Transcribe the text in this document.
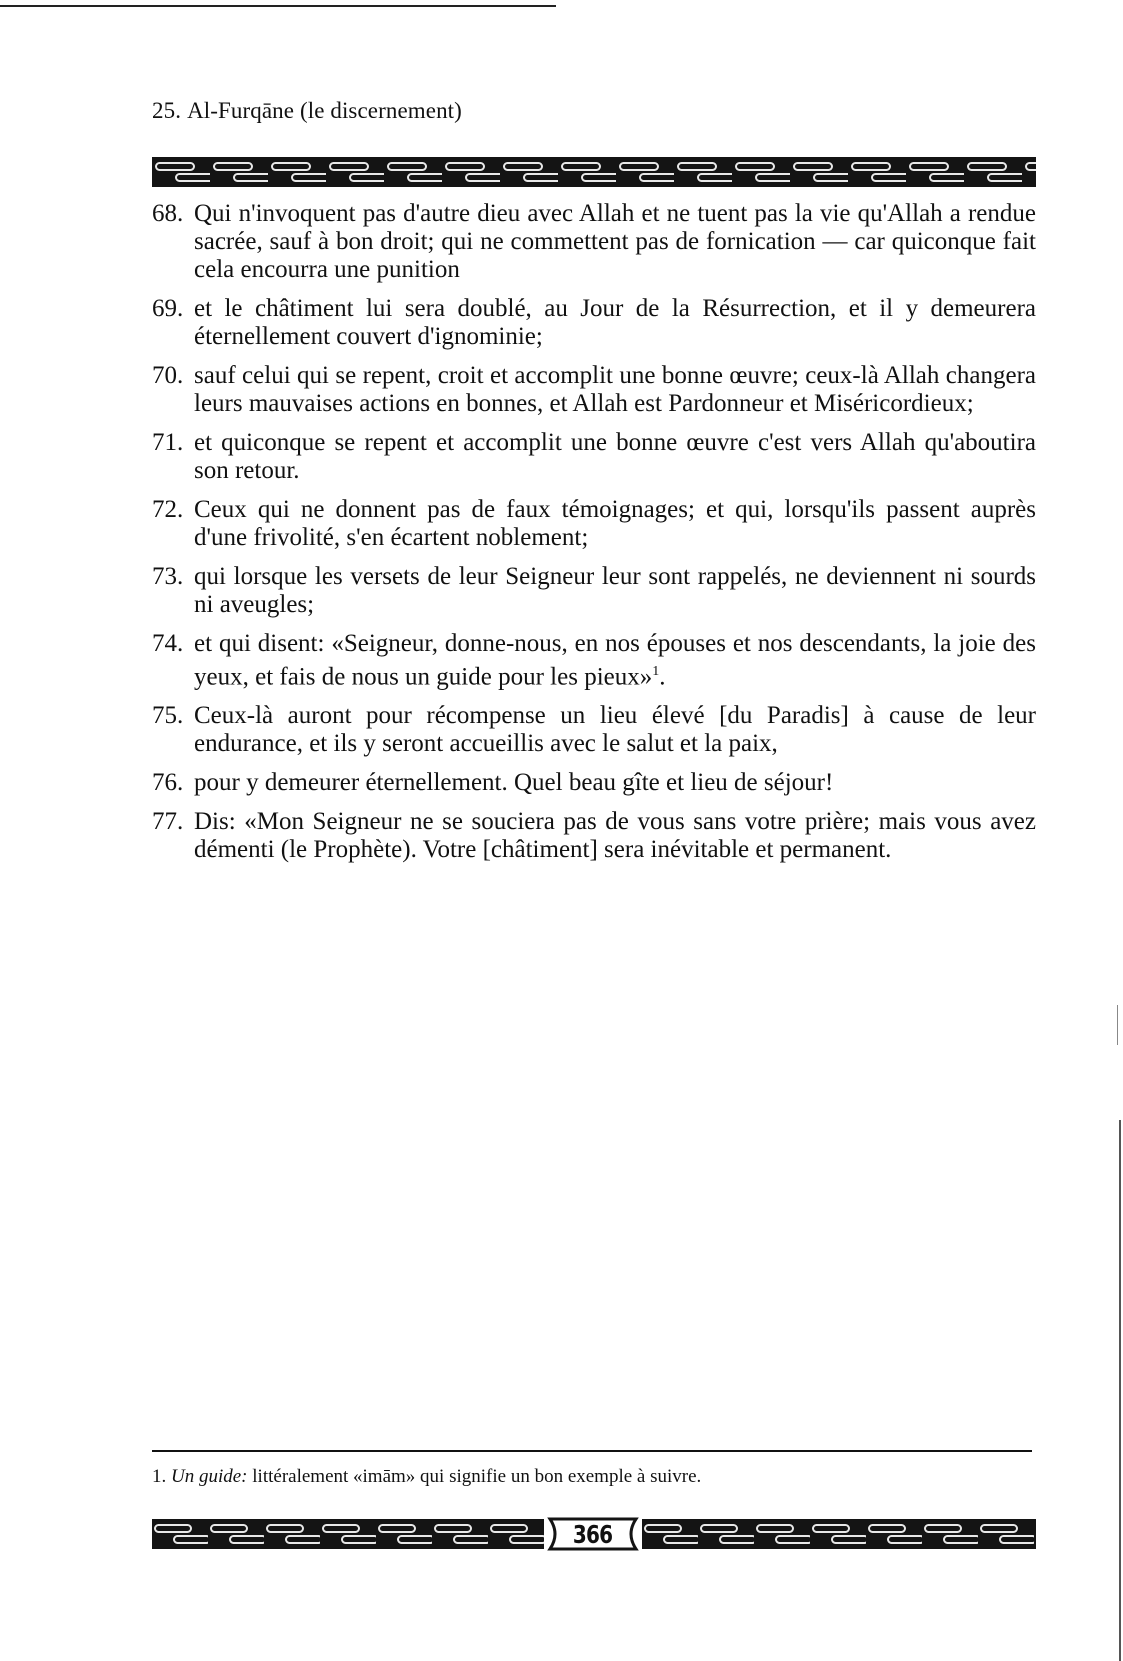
25. Al-Furqāne (le discernement)
68. Qui n'invoquent pas d'autre dieu avec Allah et ne tuent pas la vie qu'Allah a rendue sacrée, sauf à bon droit; qui ne commettent pas de fornication — car quiconque fait cela encourra une punition
69. et le châtiment lui sera doublé, au Jour de la Résurrection, et il y demeurera éternellement couvert d'ignominie;
70. sauf celui qui se repent, croit et accomplit une bonne œuvre; ceux-là Allah changera leurs mauvaises actions en bonnes, et Allah est Pardonneur et Miséricordieux;
71. et quiconque se repent et accomplit une bonne œuvre c'est vers Allah qu'aboutira son retour.
72. Ceux qui ne donnent pas de faux témoignages; et qui, lorsqu'ils passent auprès d'une frivolité, s'en écartent noblement;
73. qui lorsque les versets de leur Seigneur leur sont rappelés, ne deviennent ni sourds ni aveugles;
74. et qui disent: «Seigneur, donne-nous, en nos épouses et nos descendants, la joie des yeux, et fais de nous un guide pour les pieux»$^1$.
75. Ceux-là auront pour récompense un lieu élevé [du Paradis] à cause de leur endurance, et ils y seront accueillis avec le salut et la paix,
76. pour y demeurer éternellement. Quel beau gîte et lieu de séjour!
77. Dis: «Mon Seigneur ne se souciera pas de vous sans votre prière; mais vous avez démenti (le Prophète). Votre [châtiment] sera inévitable et permanent.
1. Un guide: littéralement «imām» qui signifie un bon exemple à suivre.
366
